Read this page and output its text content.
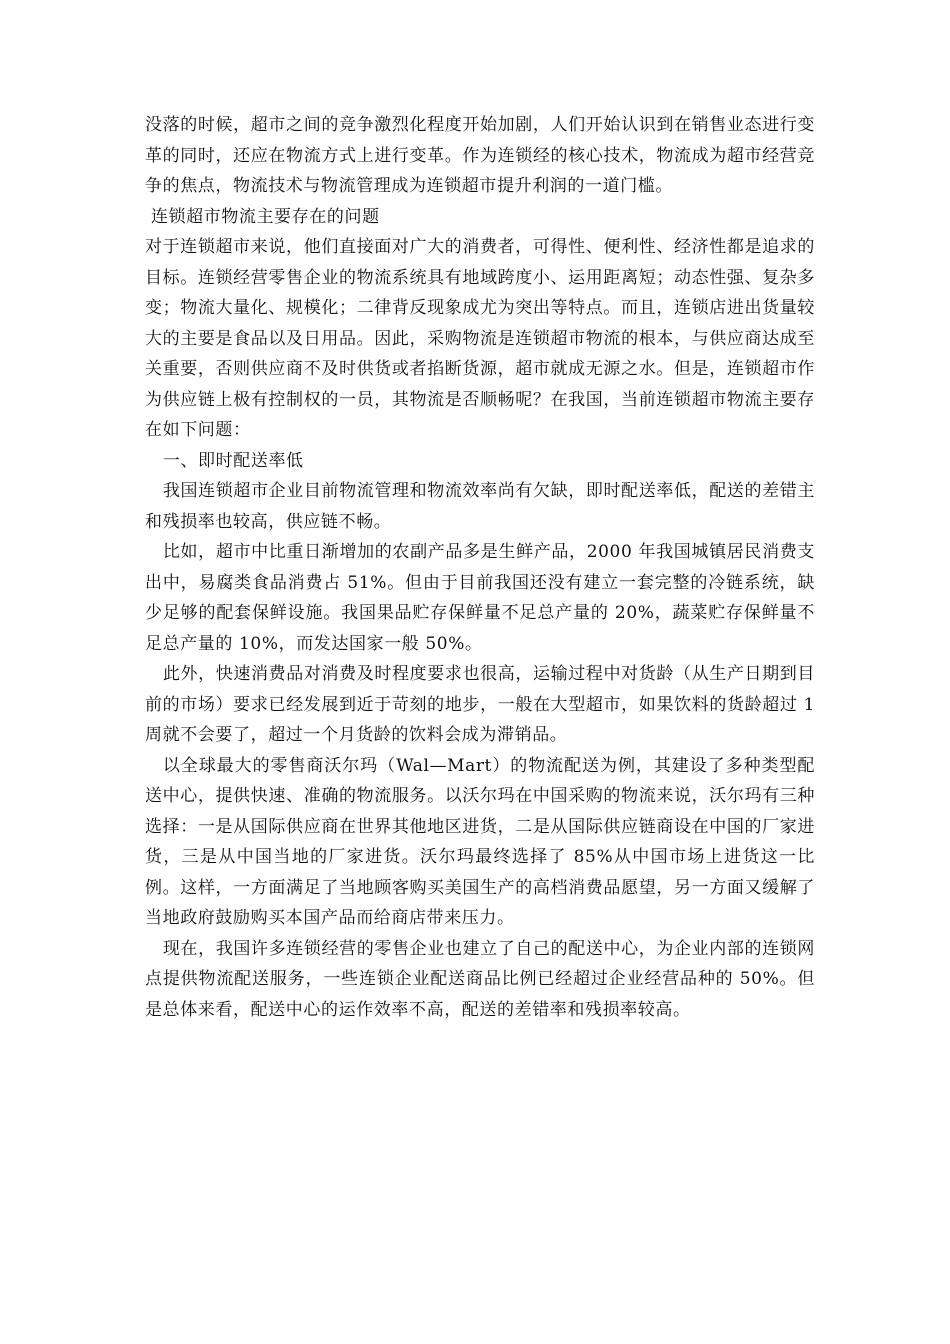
没落的时候，超市之间的竞争激烈化程度开始加剧，人们开始认识到在销售业态进行变革的同时，还应在物流方式上进行变革。作为连锁经的核心技术，物流成为超市经营竞争的焦点，物流技术与物流管理成为连锁超市提升利润的一道门槛。

连锁超市物流主要存在的问题

对于连锁超市来说，他们直接面对广大的消费者，可得性、便利性、经济性都是追求的目标。连锁经营零售企业的物流系统具有地域跨度小、运用距离短；动态性强、复杂多变；物流大量化、规模化；二律背反现象成尤为突出等特点。而且，连锁店进出货量较大的主要是食品以及日用品。因此，采购物流是连锁超市物流的根本，与供应商达成至关重要，否则供应商不及时供货或者掐断货源，超市就成无源之水。但是，连锁超市作为供应链上极有控制权的一员，其物流是否顺畅呢？在我国，当前连锁超市物流主要存在如下问题：

一、即时配送率低

我国连锁超市企业目前物流管理和物流效率尚有欠缺，即时配送率低，配送的差错主和残损率也较高，供应链不畅。

比如，超市中比重日渐增加的农副产品多是生鲜产品，2000 年我国城镇居民消费支出中，易腐类食品消费占 51%。但由于目前我国还没有建立一套完整的冷链系统，缺少足够的配套保鲜设施。我国果品贮存保鲜量不足总产量的 20%，蔬菜贮存保鲜量不足总产量的 10%，而发达国家一般 50%。

此外，快速消费品对消费及时程度要求也很高，运输过程中对货龄（从生产日期到目前的市场）要求已经发展到近于苛刻的地步，一般在大型超市，如果饮料的货龄超过 1 周就不会要了，超过一个月货龄的饮料会成为滞销品。

以全球最大的零售商沃尔玛（Wal—Mart）的物流配送为例，其建设了多种类型配送中心，提供快速、准确的物流服务。以沃尔玛在中国采购的物流来说，沃尔玛有三种选择：一是从国际供应商在世界其他地区进货，二是从国际供应链商设在中国的厂家进货，三是从中国当地的厂家进货。沃尔玛最终选择了 85%从中国市场上进货这一比例。这样，一方面满足了当地顾客购买美国生产的高档消费品愿望，另一方面又缓解了当地政府鼓励购买本国产品而给商店带来压力。

现在，我国许多连锁经营的零售企业也建立了自己的配送中心，为企业内部的连锁网点提供物流配送服务，一些连锁企业配送商品比例已经超过企业经营品种的 50%。但是总体来看，配送中心的运作效率不高，配送的差错率和残损率较高。
